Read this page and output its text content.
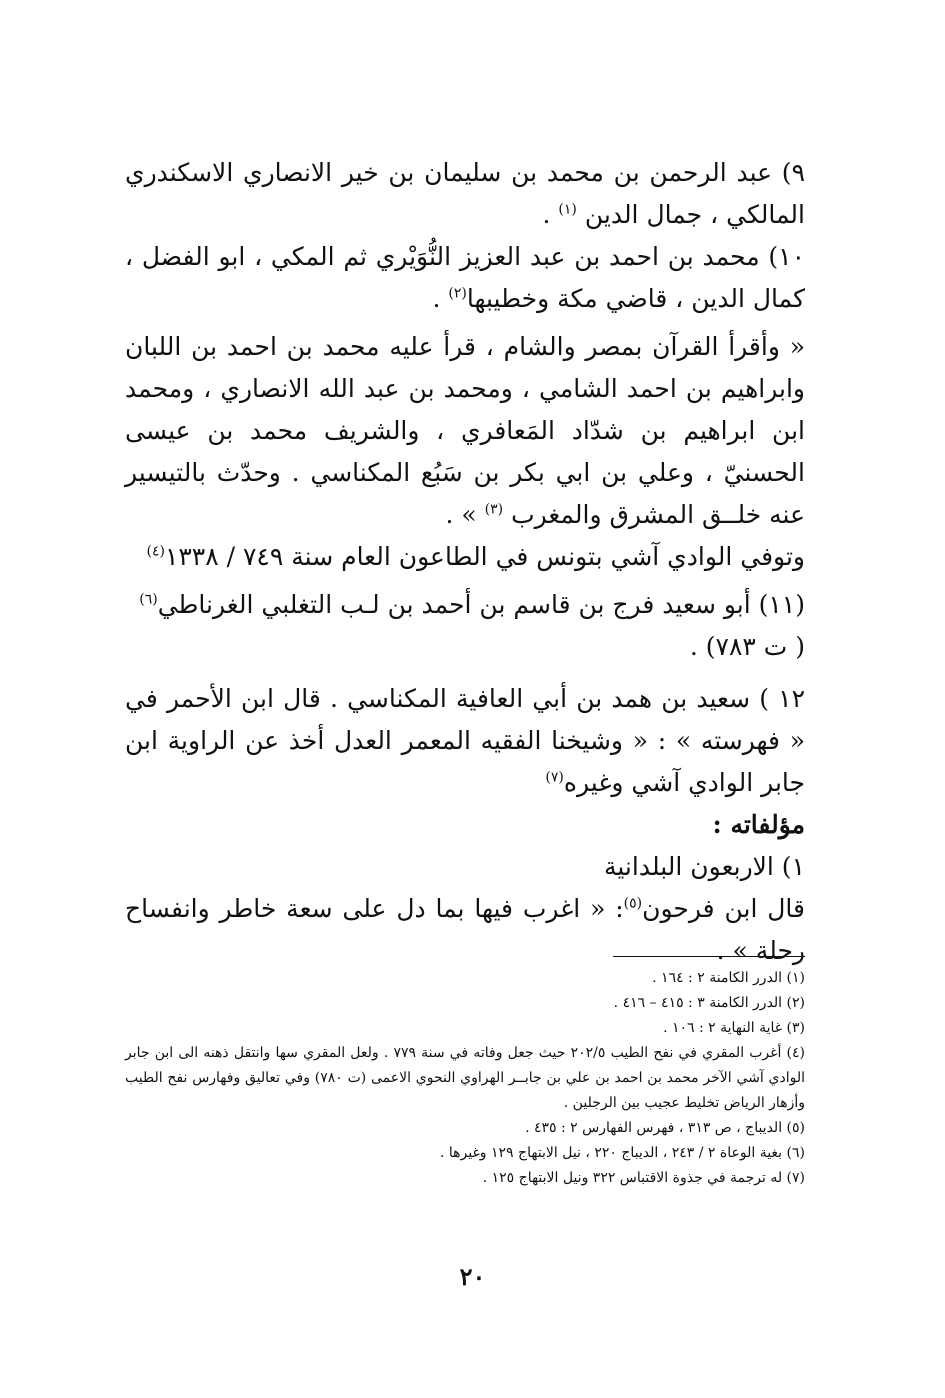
٩) عبد الرحمن بن محمد بن سليمان بن خير الانصاري الاسكندري المالكي ، جمال الدين $^{(١)}$ .

١٠) محمد بن احمد بن عبد العزيز النُّوَيْري ثم المكي ، ابو الفضل ، كمال الدين ، قاضي مكة وخطيبها$^{(٢)}$ .

« وأقرأ القرآن بمصر والشام ، قرأ عليه محمد بن احمد بن اللبان وابراهيم بن احمد الشامي ، ومحمد بن عبد الله الانصاري ، ومحمد ابن ابراهيم بن شدّاد المَعافري ، والشريف محمد بن عيسى الحسنيّ ، وعلي بن ابي بكر بن سَبُع المكناسي . وحدّث بالتيسير عنه خلــق المشرق والمغرب $^{(٣)}$ » .

وتوفي الوادي آشي بتونس في الطاعون العام سنة ٧٤٩ / ١٣٣٨$^{(٤)}$

(١١) أبو سعيد فرج بن قاسم بن أحمد بن لـب التغلبي الغرناطي$^{(٦)}$

( ت ٧٨٣) .

١٢ ) سعيد بن همد بن أبي العافية المكناسي . قال ابن الأحمر في « فهرسته » : « وشيخنا الفقيه المعمر العدل أخذ عن الراوية ابن جابر الوادي آشي وغيره$^{(٧)}$

مؤلفاته :

١) الاربعون البلدانية

قال ابن فرحون$^{(٥)}$: « اغرب فيها بما دل على سعة خاطر وانفساح رحلة » .

(١) الدرر الكامنة ٢ : ١٦٤ .

(٢) الدرر الكامنة ٣ : ٤١٥ – ٤١٦ .

(٣) غاية النهاية ٢ : ١٠٦ .

(٤) أغرب المقري في نفح الطيب ٢٠٢/٥ حيث جعل وفاته في سنة ٧٧٩ . ولعل المقري سها وانتقل ذهنه الى ابن جابر الوادي آشي الآخر محمد بن احمد بن علي بن جابــر الهراوي النحوي الاعمى (ت ٧٨٠) وفي تعاليق وفهارس نفح الطيب وأزهار الرياض تخليط عجيب بين الرجلين .

(٥) الديباج ، ص ٣١٣ ، فهرس الفهارس ٢ : ٤٣٥ .

(٦) بغية الوعاة ٢ / ٢٤٣ ، الديباج ٢٢٠ ، نيل الابتهاج ١٢٩ وغيرها .

(٧) له ترجمة في جذوة الاقتباس ٣٢٢ ونيل الابتهاج ١٢٥ .

٢٠
